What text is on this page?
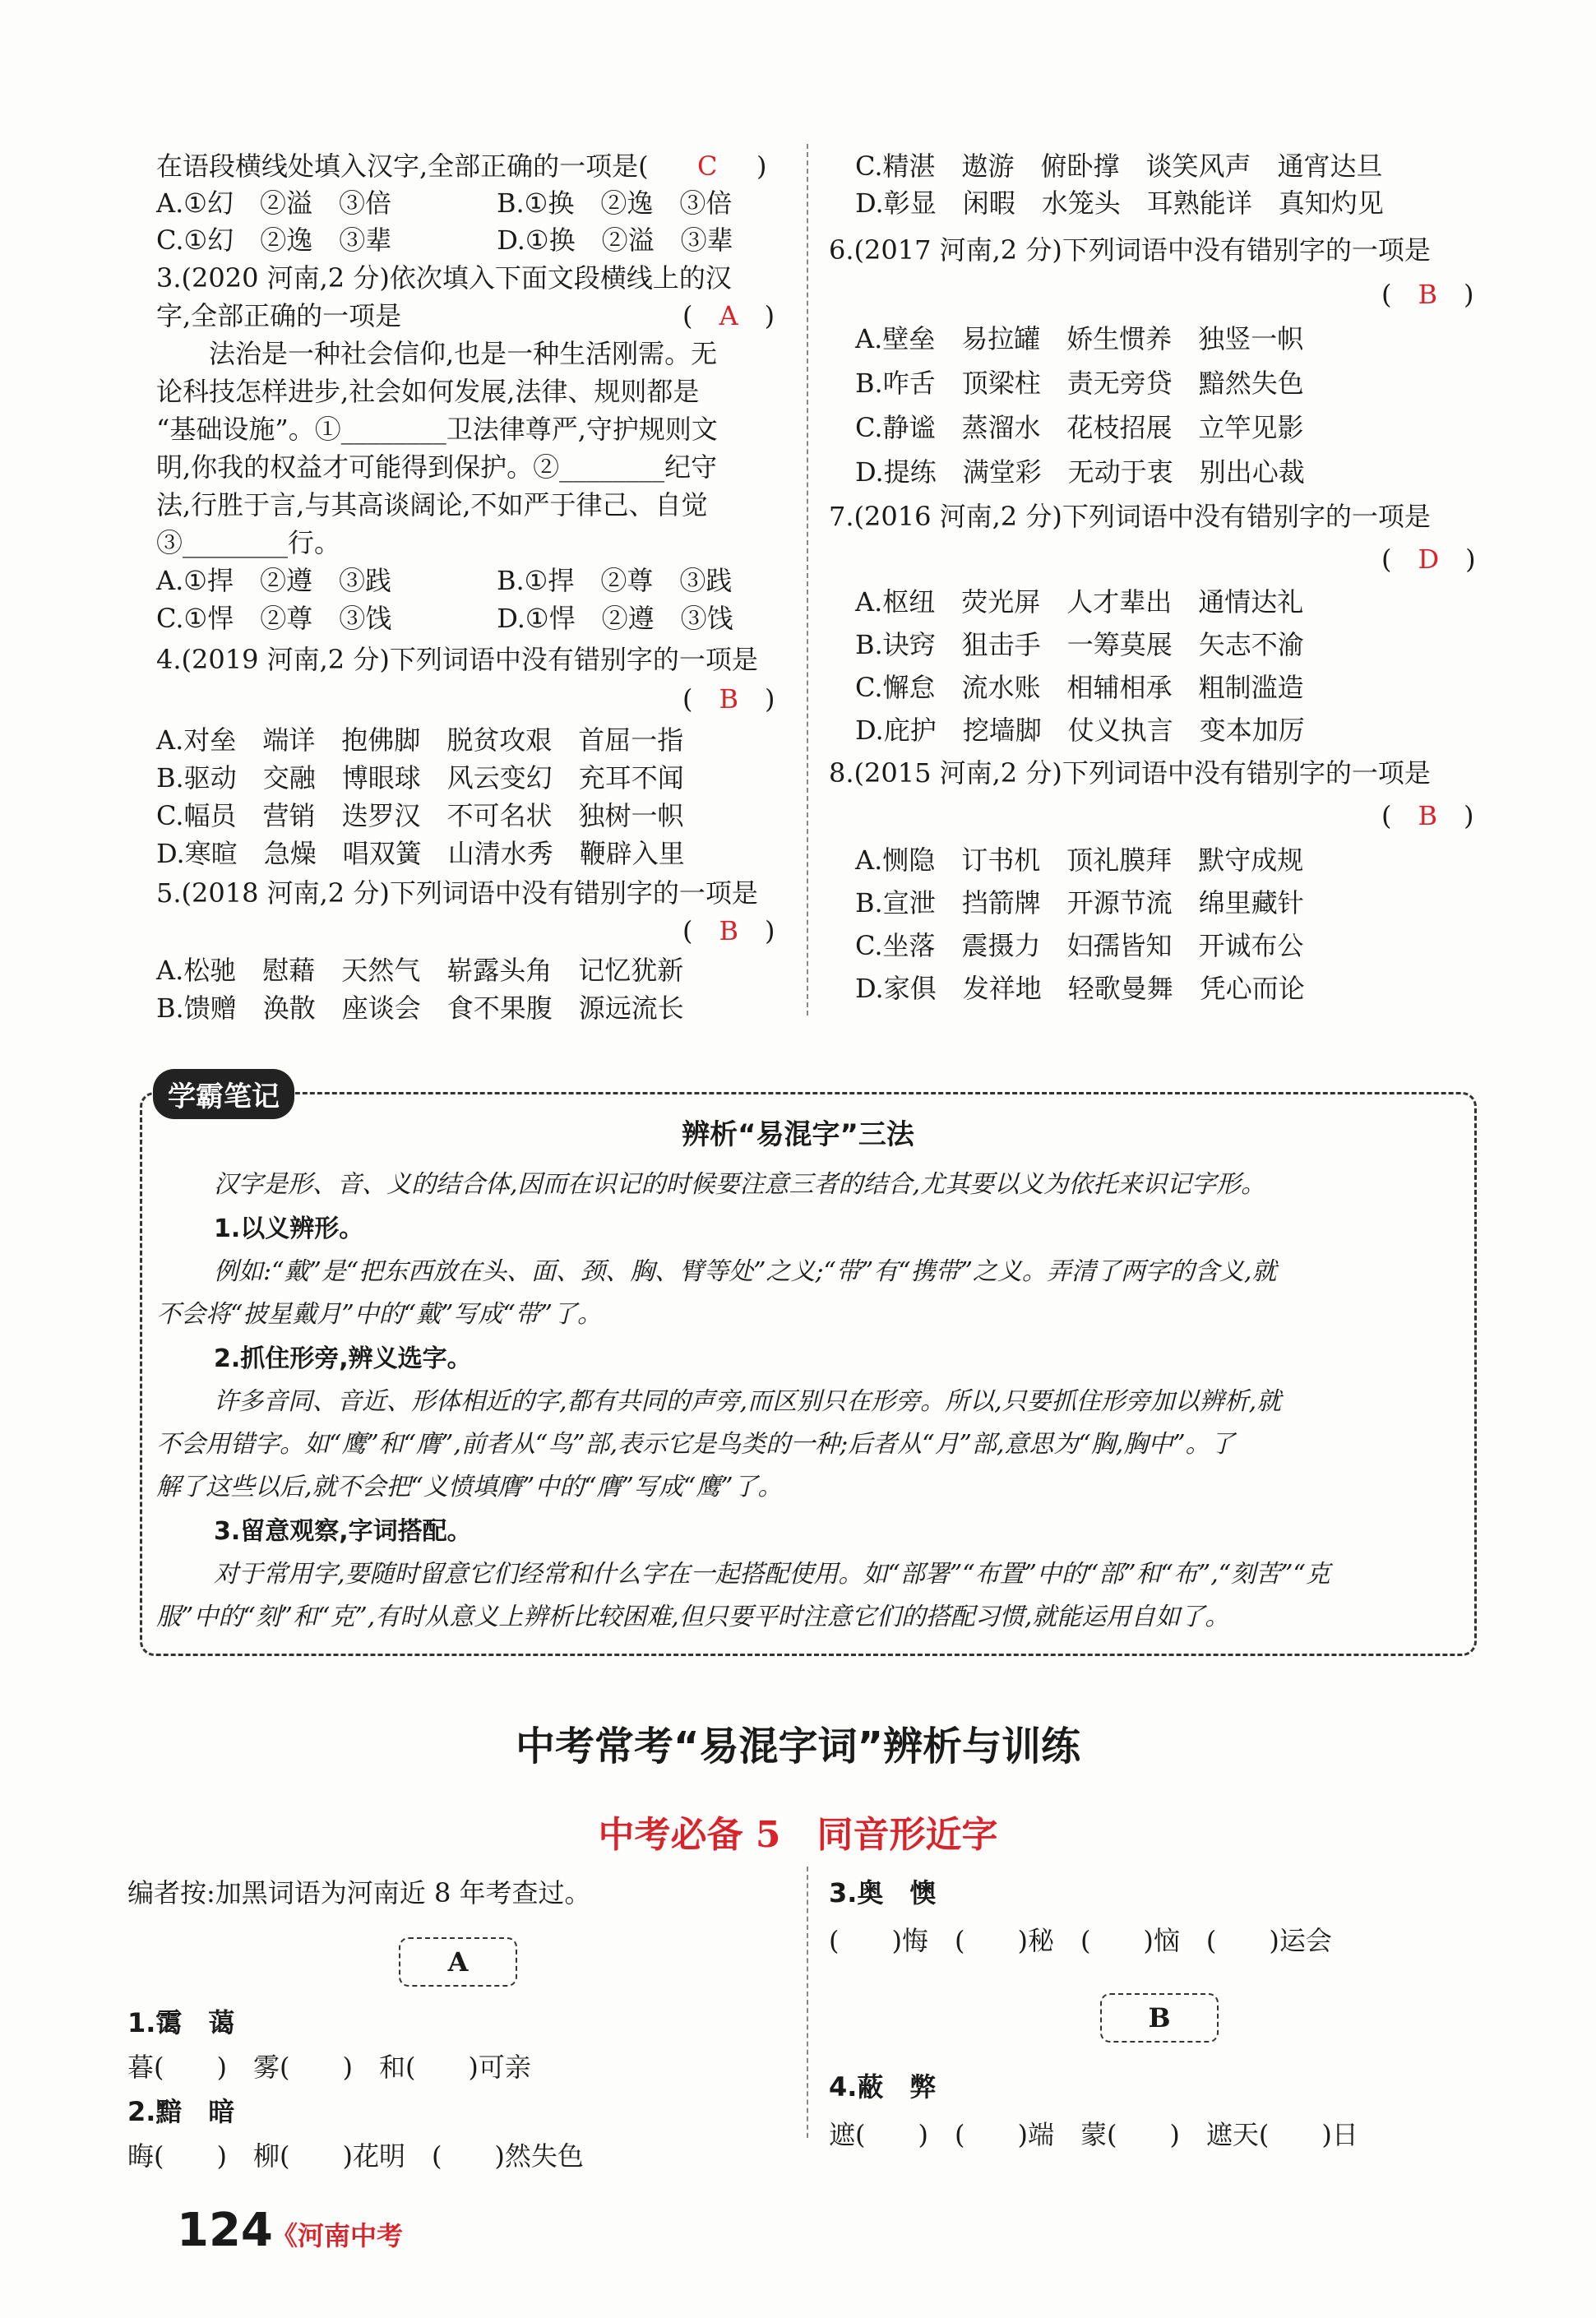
在语段横线处填入汉字,全部正确的一项是( C )
A.①幻　②溢　③倍　　　　B.①换　②逸　③倍
C.①幻　②逸　③辈　　　　D.①换　②溢　③辈
3.(2020 河南,2 分)依次填入下面文段横线上的汉
字,全部正确的一项是	(　A　)
　　法治是一种社会信仰,也是一种生活刚需。无
论科技怎样进步,社会如何发展,法律、规则都是
“基础设施”。①________卫法律尊严,守护规则文
明,你我的权益才可能得到保护。②________纪守
法,行胜于言,与其高谈阔论,不如严于律己、自觉
③________行。
A.①捍　②遵　③践　　　　B.①捍　②尊　③践
C.①悍　②尊　③饯　　　　D.①悍　②遵　③饯
4.(2019 河南,2 分)下列词语中没有错别字的一项是
(　B　)
A.对垒　端详　抱佛脚　脱贫攻艰　首屈一指
B.驱动　交融　博眼球　风云变幻　充耳不闻
C.幅员　营销　迭罗汉　不可名状　独树一帜
D.寒暄　急燥　唱双簧　山清水秀　鞭辟入里
5.(2018 河南,2 分)下列词语中没有错别字的一项是
(　B　)
A.松驰　慰藉　天然气　崭露头角　记忆犹新
B.馈赠　涣散　座谈会　食不果腹　源远流长
C.精湛　遨游　俯卧撑　谈笑风声　通宵达旦
D.彰显　闲暇　水笼头　耳熟能详　真知灼见
6.(2017 河南,2 分)下列词语中没有错别字的一项是
(　B　)
A.壁垒　易拉罐　娇生惯养　独竖一帜
B.咋舌　顶梁柱　责无旁贷　黯然失色
C.静谧　蒸溜水　花枝招展　立竿见影
D.提练　满堂彩　无动于衷　别出心裁
7.(2016 河南,2 分)下列词语中没有错别字的一项是
(　D　)
A.枢纽　荧光屏　人才辈出　通情达礼
B.诀窍　狙击手　一筹莫展　矢志不渝
C.懈怠　流水账　相辅相承　粗制滥造
D.庇护　挖墙脚　仗义执言　变本加厉
8.(2015 河南,2 分)下列词语中没有错别字的一项是
(　B　)
A.恻隐　订书机　顶礼膜拜　默守成规
B.宣泄　挡箭牌　开源节流　绵里藏针
C.坐落　震摄力　妇孺皆知　开诚布公
D.家俱　发祥地　轻歌曼舞　凭心而论
学霸笔记
辨析“易混字”三法
汉字是形、音、义的结合体,因而在识记的时候要注意三者的结合,尤其要以义为依托来识记字形。
1.以义辨形。
例如:“戴”是“把东西放在头、面、颈、胸、臂等处”之义;“带”有“携带”之义。弄清了两字的含义,就
不会将“披星戴月”中的“戴”写成“带”了。
2.抓住形旁,辨义选字。
许多音同、音近、形体相近的字,都有共同的声旁,而区别只在形旁。所以,只要抓住形旁加以辨析,就
不会用错字。如“鹰”和“膺”,前者从“鸟”部,表示它是鸟类的一种;后者从“月”部,意思为“胸,胸中”。了
解了这些以后,就不会把“义愤填膺”中的“膺”写成“鹰”了。
3.留意观察,字词搭配。
对于常用字,要随时留意它们经常和什么字在一起搭配使用。如“部署”“布置”中的“部”和“布”,“刻苦”“克
服”中的“刻”和“克”,有时从意义上辨析比较困难,但只要平时注意它们的搭配习惯,就能运用自如了。
中考常考“易混字词”辨析与训练
中考必备 5　同音形近字
编者按:加黑词语为河南近 8 年考查过。
A
1.霭　蔼
暮(　　)　雾(　　)　和(　　)可亲
2.黯　暗
晦(　　)　柳(　　)花明　(　　)然失色
3.奥　懊
(　　)悔　(　　)秘　(　　)恼　(　　)运会
B
4.蔽　弊
遮(　　)　(　　)端　蒙(　　)　遮天(　　)日
124
《河南中考
